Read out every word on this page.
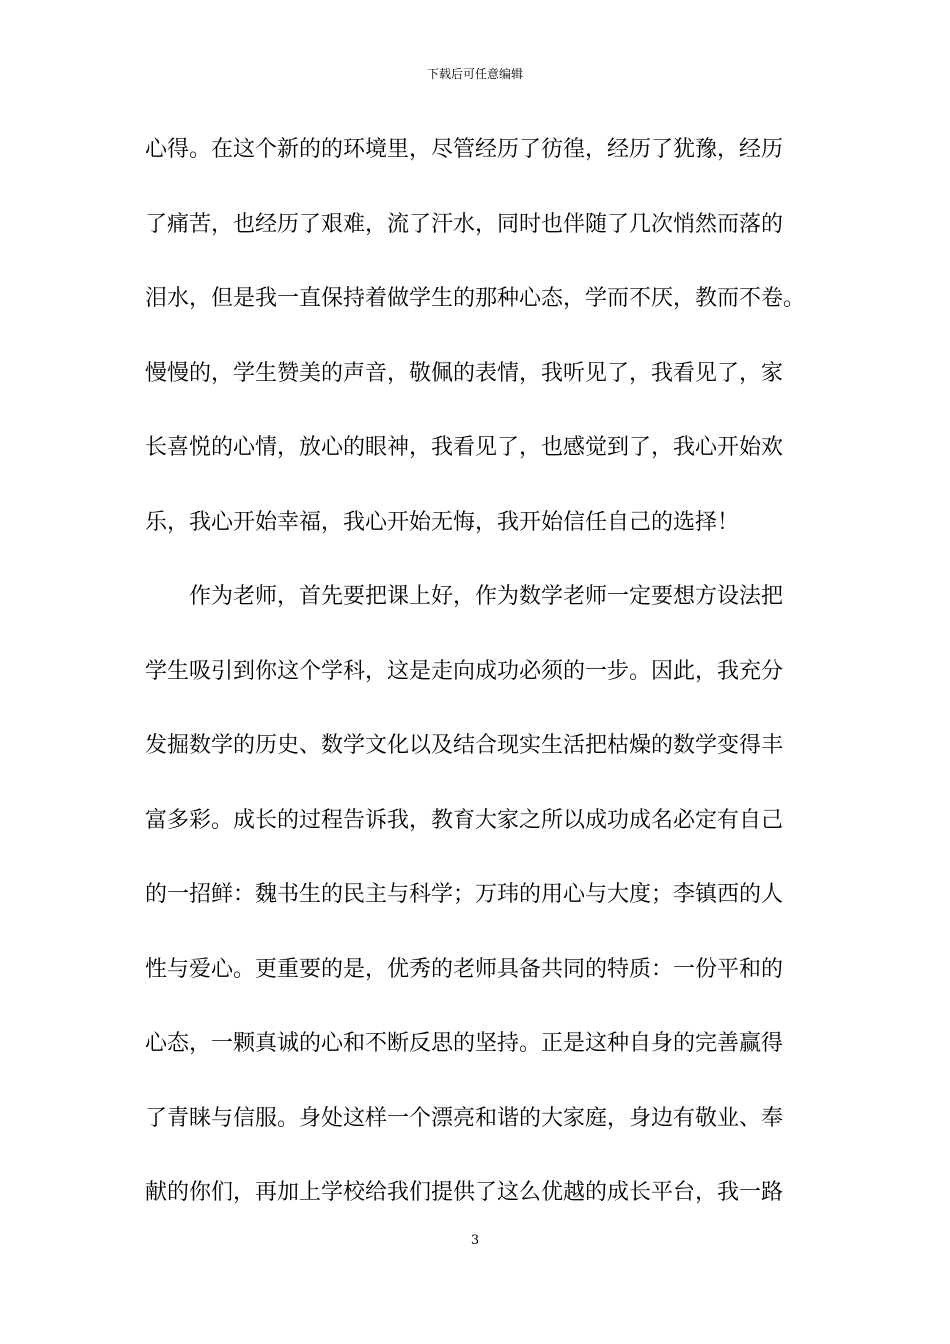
下载后可任意编辑
心得。在这个新的的环境里，尽管经历了彷徨，经历了犹豫，经历
了痛苦，也经历了艰难，流了汗水，同时也伴随了几次悄然而落的
泪水，但是我一直保持着做学生的那种心态，学而不厌，教而不卷。
慢慢的，学生赞美的声音，敬佩的表情，我听见了，我看见了，家
长喜悦的心情，放心的眼神，我看见了，也感觉到了，我心开始欢
乐，我心开始幸福，我心开始无悔，我开始信任自己的选择！
　　作为老师，首先要把课上好，作为数学老师一定要想方设法把
学生吸引到你这个学科，这是走向成功必须的一步。因此，我充分
发掘数学的历史、数学文化以及结合现实生活把枯燥的数学变得丰
富多彩。成长的过程告诉我，教育大家之所以成功成名必定有自己
的一招鲜：魏书生的民主与科学；万玮的用心与大度；李镇西的人
性与爱心。更重要的是，优秀的老师具备共同的特质：一份平和的
心态，一颗真诚的心和不断反思的坚持。正是这种自身的完善赢得
了青睐与信服。身处这样一个漂亮和谐的大家庭，身边有敬业、奉
献的你们，再加上学校给我们提供了这么优越的成长平台，我一路
3
